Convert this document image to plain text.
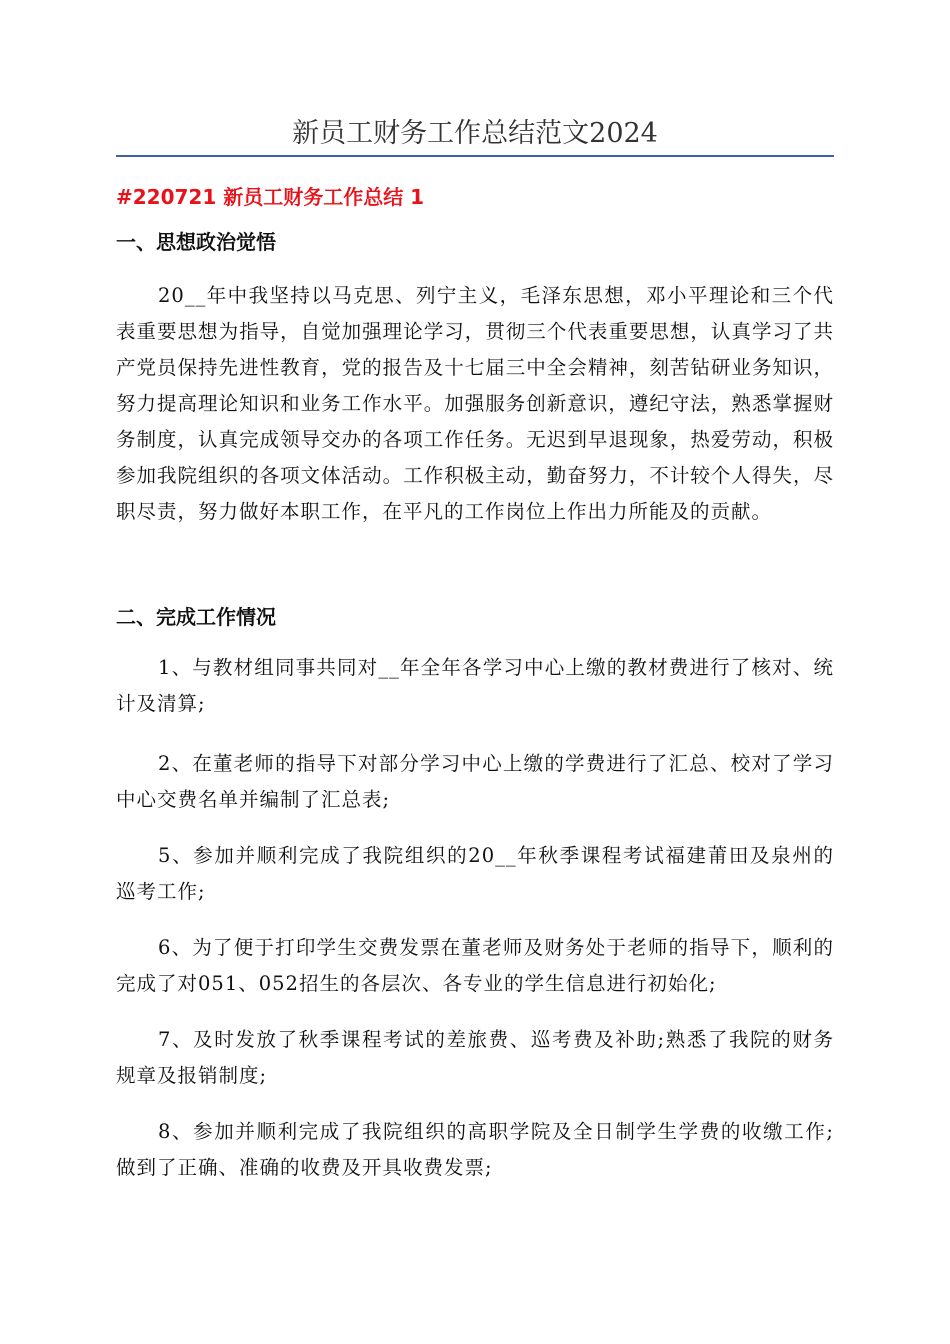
新员工财务工作总结范文2024
#220721 新员工财务工作总结 1
一、思想政治觉悟

20__年中我坚持以马克思、列宁主义，毛泽东思想，邓小平理论和三个代表重要思想为指导，自觉加强理论学习，贯彻三个代表重要思想，认真学习了共产党员保持先进性教育，党的报告及十七届三中全会精神，刻苦钻研业务知识，努力提高理论知识和业务工作水平。加强服务创新意识，遵纪守法，熟悉掌握财务制度，认真完成领导交办的各项工作任务。无迟到早退现象，热爱劳动，积极参加我院组织的各项文体活动。工作积极主动，勤奋努力，不计较个人得失，尽职尽责，努力做好本职工作，在平凡的工作岗位上作出力所能及的贡献。

二、完成工作情况

1、与教材组同事共同对__年全年各学习中心上缴的教材费进行了核对、统计及清算;

2、在董老师的指导下对部分学习中心上缴的学费进行了汇总、校对了学习中心交费名单并编制了汇总表;

5、参加并顺利完成了我院组织的20__年秋季课程考试福建莆田及泉州的巡考工作;

6、为了便于打印学生交费发票在董老师及财务处于老师的指导下，顺利的完成了对051、052招生的各层次、各专业的学生信息进行初始化;

7、及时发放了秋季课程考试的差旅费、巡考费及补助;熟悉了我院的财务规章及报销制度;

8、参加并顺利完成了我院组织的高职学院及全日制学生学费的收缴工作;做到了正确、准确的收费及开具收费发票;
